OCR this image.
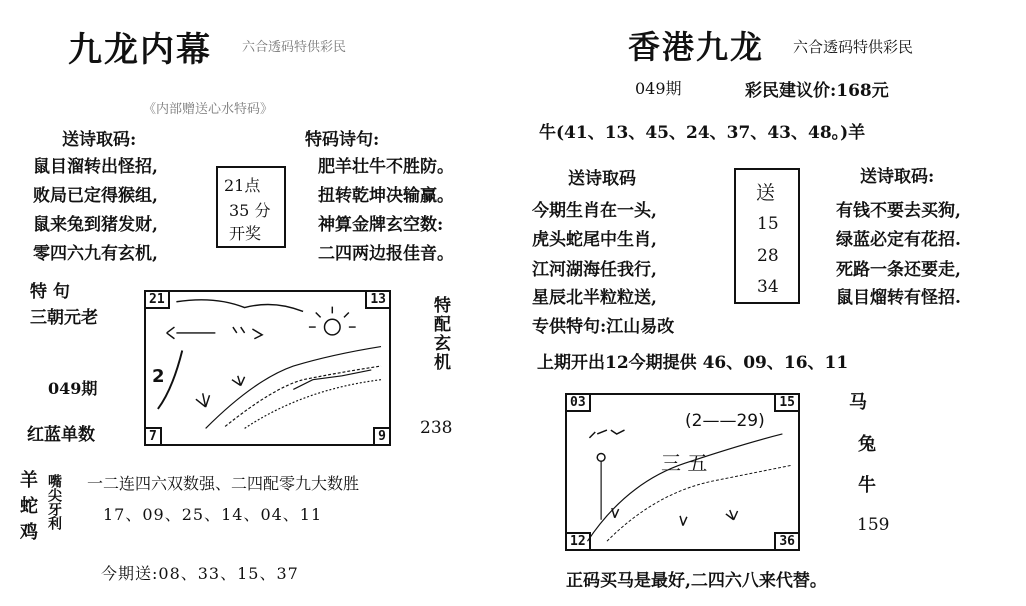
九龙内幕 六合透码特供彩民
《内部赠送心水特码》
送诗取码:	特码诗句:
鼠目溜转出怪招,
败局已定得猴组,
鼠来兔到猪发财,
零四六九有玄机,
21点
35 分
开奖
肥羊壮牛不胜防。
扭转乾坤决输赢。
神算金牌玄空数:
二四两边报佳音。
特 句
三朝元老
049期
红蓝单数
21	13
7	9
2
特配玄机
238
羊蛇鸡 嘴尖牙利 一二连四六双数强、二四配零九大数胜
17、09、25、14、04、11
今期送:08、33、15、37
香港九龙 六合透码特供彩民
049期	彩民建议价:168元
牛(41、13、45、24、37、43、48。)羊
送诗取码	送诗取码:
今期生肖在一头,
虎头蛇尾中生肖,
江河湖海任我行,
星辰北半粒粒送,
送
15
28
34
有钱不要去买狗,
绿蓝必定有花招.
死路一条还要走,
鼠目熘转有怪招.
专供特句:江山易改
上期开出12今期提供 46、09、16、11
03	15
12	36
(2——29)
三 五
马
兔
牛
159
正码买马是最好,二四六八来代替。
